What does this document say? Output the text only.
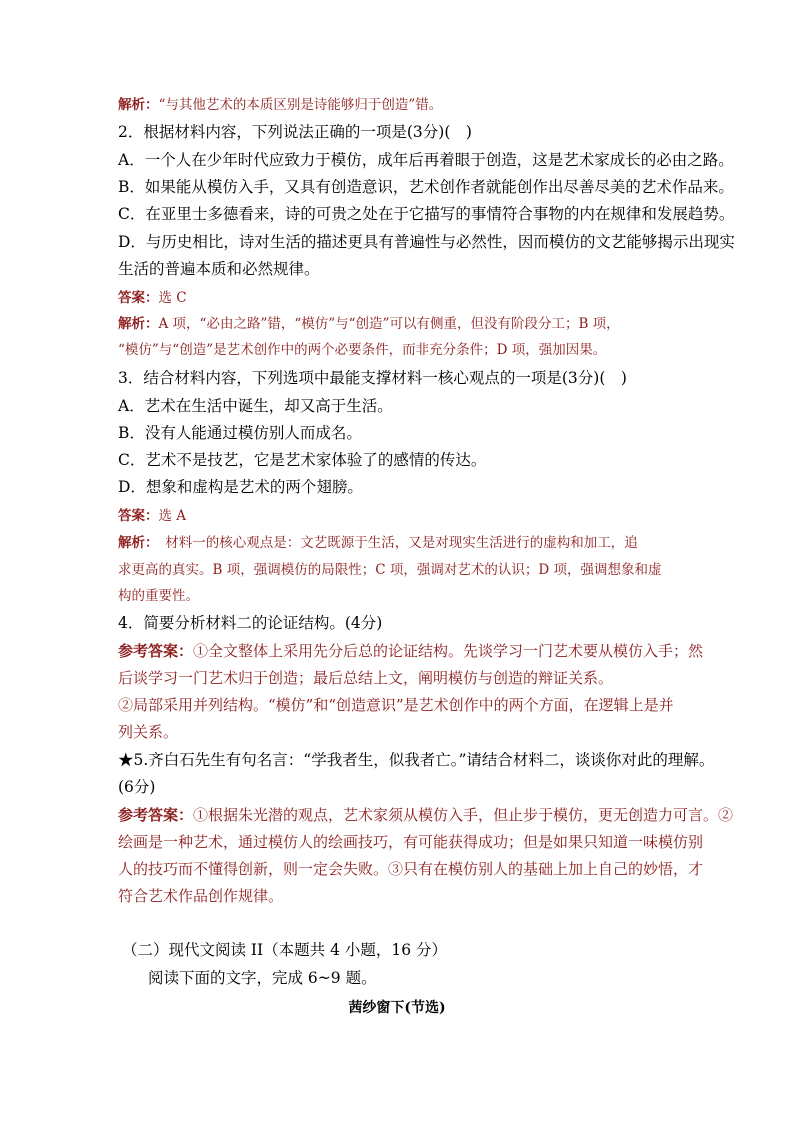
解析：“与其他艺术的本质区别是诗能够归于创造”错。
2．根据材料内容，下列说法正确的一项是(3分)(　)
A．一个人在少年时代应致力于模仿，成年后再着眼于创造，这是艺术家成长的必由之路。
B．如果能从模仿入手，又具有创造意识，艺术创作者就能创作出尽善尽美的艺术作品来。
C．在亚里士多德看来，诗的可贵之处在于它描写的事情符合事物的内在规律和发展趋势。
D．与历史相比，诗对生活的描述更具有普遍性与必然性，因而模仿的文艺能够揭示出现实
生活的普遍本质和必然规律。
答案：选 C
解析：A 项，“必由之路”错，“模仿”与“创造”可以有侧重，但没有阶段分工；B 项，
“模仿”与“创造”是艺术创作中的两个必要条件，而非充分条件；D 项，强加因果。
3．结合材料内容，下列选项中最能支撑材料一核心观点的一项是(3分)(　)
A．艺术在生活中诞生，却又高于生活。
B．没有人能通过模仿别人而成名。
C．艺术不是技艺，它是艺术家体验了的感情的传达。
D．想象和虚构是艺术的两个翅膀。
答案：选 A
解析：　材料一的核心观点是：文艺既源于生活，又是对现实生活进行的虚构和加工，追
求更高的真实。B 项，强调模仿的局限性；C 项，强调对艺术的认识；D 项，强调想象和虚
构的重要性。
4．简要分析材料二的论证结构。(4分)
参考答案：①全文整体上采用先分后总的论证结构。先谈学习一门艺术要从模仿入手；然
后谈学习一门艺术归于创造；最后总结上文，阐明模仿与创造的辩证关系。
②局部采用并列结构。“模仿”和“创造意识”是艺术创作中的两个方面，在逻辑上是并
列关系。
★5.齐白石先生有句名言：“学我者生，似我者亡。”请结合材料二，谈谈你对此的理解。
(6分)
参考答案：①根据朱光潜的观点，艺术家须从模仿入手，但止步于模仿，更无创造力可言。②
绘画是一种艺术，通过模仿人的绘画技巧，有可能获得成功；但是如果只知道一味模仿别
人的技巧而不懂得创新，则一定会失败。③只有在模仿别人的基础上加上自己的妙悟，才
符合艺术作品创作规律。
（二）现代文阅读 II（本题共 4 小题，16 分）
阅读下面的文字，完成 6~9 题。
茜纱窗下(节选)
